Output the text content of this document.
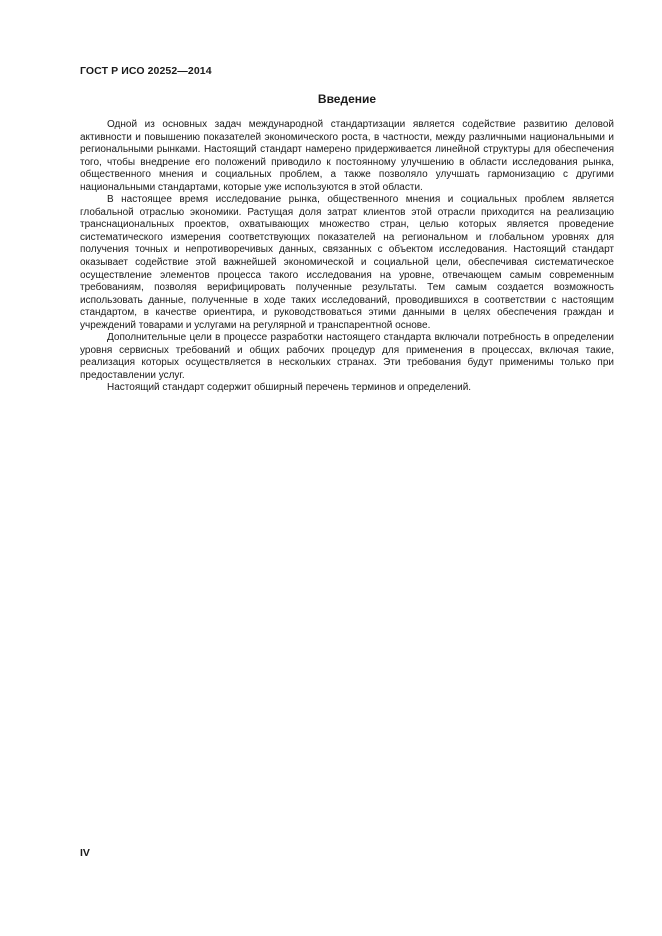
ГОСТ Р ИСО 20252—2014
Введение

Одной из основных задач международной стандартизации является содействие развитию деловой активности и повышению показателей экономического роста, в частности, между различными национальными и региональными рынками. Настоящий стандарт намерено придерживается линейной структуры для обеспечения того, чтобы внедрение его положений приводило к постоянному улучшению в области исследования рынка, общественного мнения и социальных проблем, а также позволяло улучшать гармонизацию с другими национальными стандартами, которые уже используются в этой области.

В настоящее время исследование рынка, общественного мнения и социальных проблем является глобальной отраслью экономики. Растущая доля затрат клиентов этой отрасли приходится на реализацию транснациональных проектов, охватывающих множество стран, целью которых является проведение систематического измерения соответствующих показателей на региональном и глобальном уровнях для получения точных и непротиворечивых данных, связанных с объектом исследования. Настоящий стандарт оказывает содействие этой важнейшей экономической и социальной цели, обеспечивая систематическое осуществление элементов процесса такого исследования на уровне, отвечающем самым современным требованиям, позволяя верифицировать полученные результаты. Тем самым создается возможность использовать данные, полученные в ходе таких исследований, проводившихся в соответствии с настоящим стандартом, в качестве ориентира, и руководствоваться этими данными в целях обеспечения граждан и учреждений товарами и услугами на регулярной и транспарентной основе.

Дополнительные цели в процессе разработки настоящего стандарта включали потребность в определении уровня сервисных требований и общих рабочих процедур для применения в процессах, включая такие, реализация которых осуществляется в нескольких странах. Эти требования будут применимы только при предоставлении услуг.

Настоящий стандарт содержит обширный перечень терминов и определений.

IV
